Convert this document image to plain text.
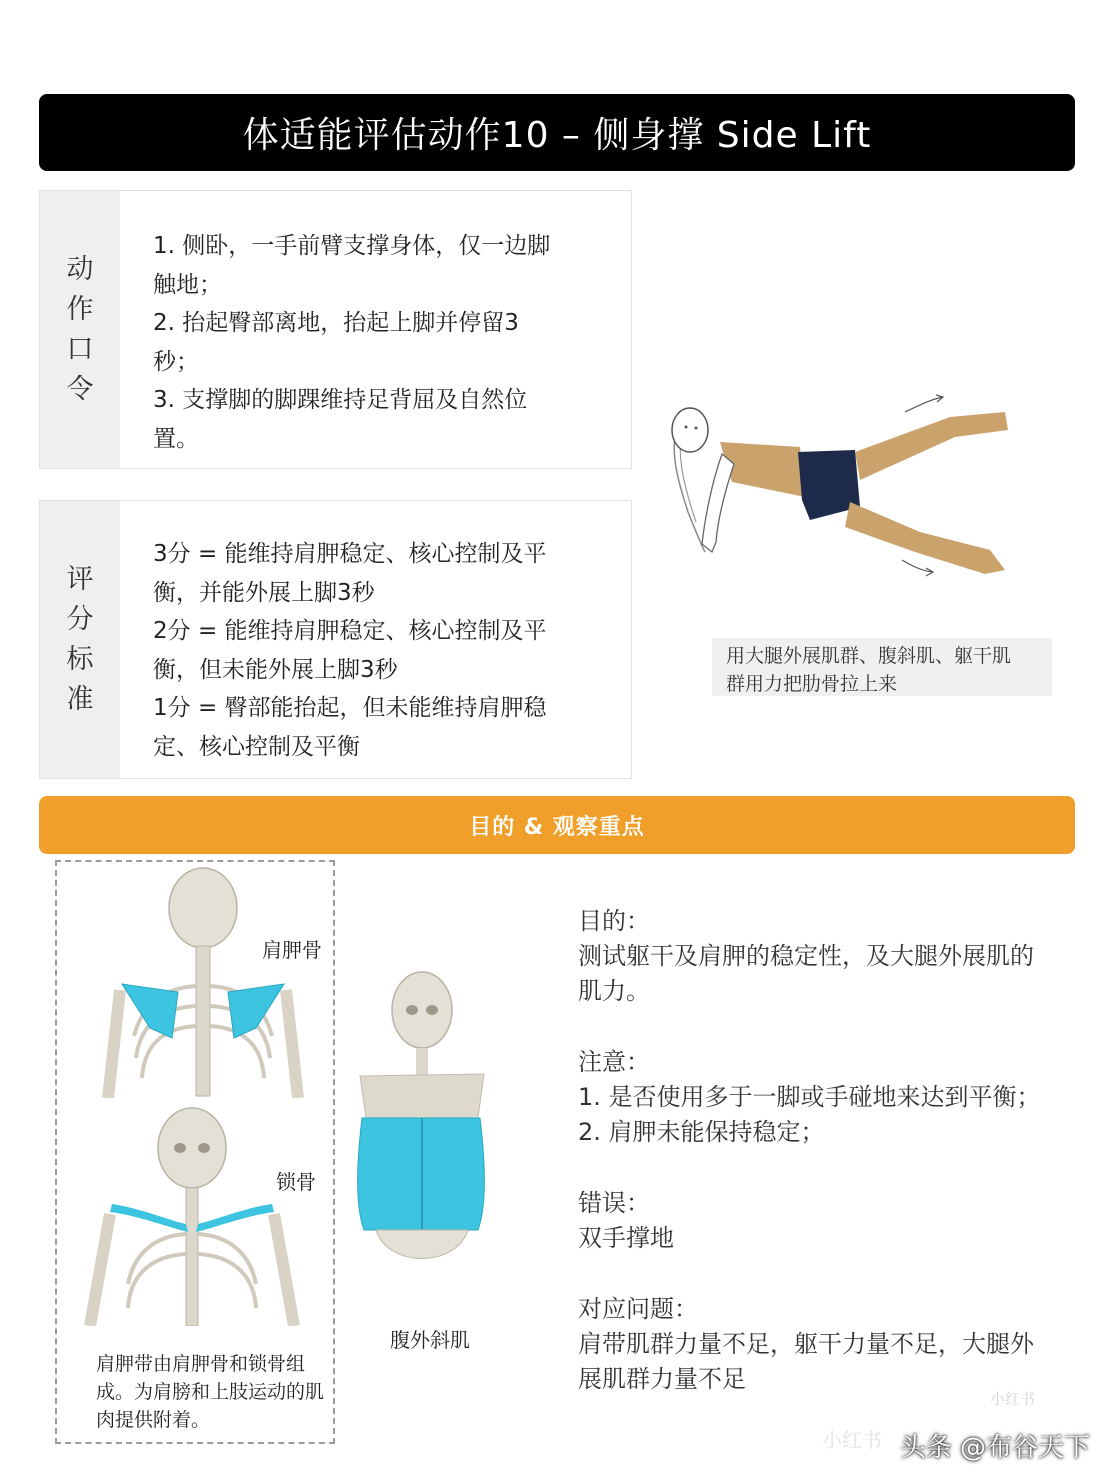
体适能评估动作10 – 侧身撑 Side Lift
动
作
口
令

1. 侧卧，一手前臂支撑身体，仅一边脚

触地；

2. 抬起臀部离地，抬起上脚并停留3

秒；

3. 支撑脚的脚踝维持足背屈及自然位

置。

评
分
标
准

3分 = 能维持肩胛稳定、核心控制及平

衡，并能外展上脚3秒

2分 = 能维持肩胛稳定、核心控制及平

衡，但未能外展上脚3秒

1分 = 臀部能抬起，但未能维持肩胛稳

定、核心控制及平衡

用大腿外展肌群、腹斜肌、躯干肌
群用力把肋骨拉上来
目的 & 观察重点
肩胛骨
锁骨
肩胛带由肩胛骨和锁骨组成。为肩膀和上肢运动的肌肉提供附着。
腹外斜肌

目的：

测试躯干及肩胛的稳定性，及大腿外展肌的

肌力。

注意：

1. 是否使用多于一脚或手碰地来达到平衡；

2. 肩胛未能保持稳定；

错误：

双手撑地

对应问题：

肩带肌群力量不足，躯干力量不足，大腿外

展肌群力量不足

小红书
小红书 头条 @布谷天下
